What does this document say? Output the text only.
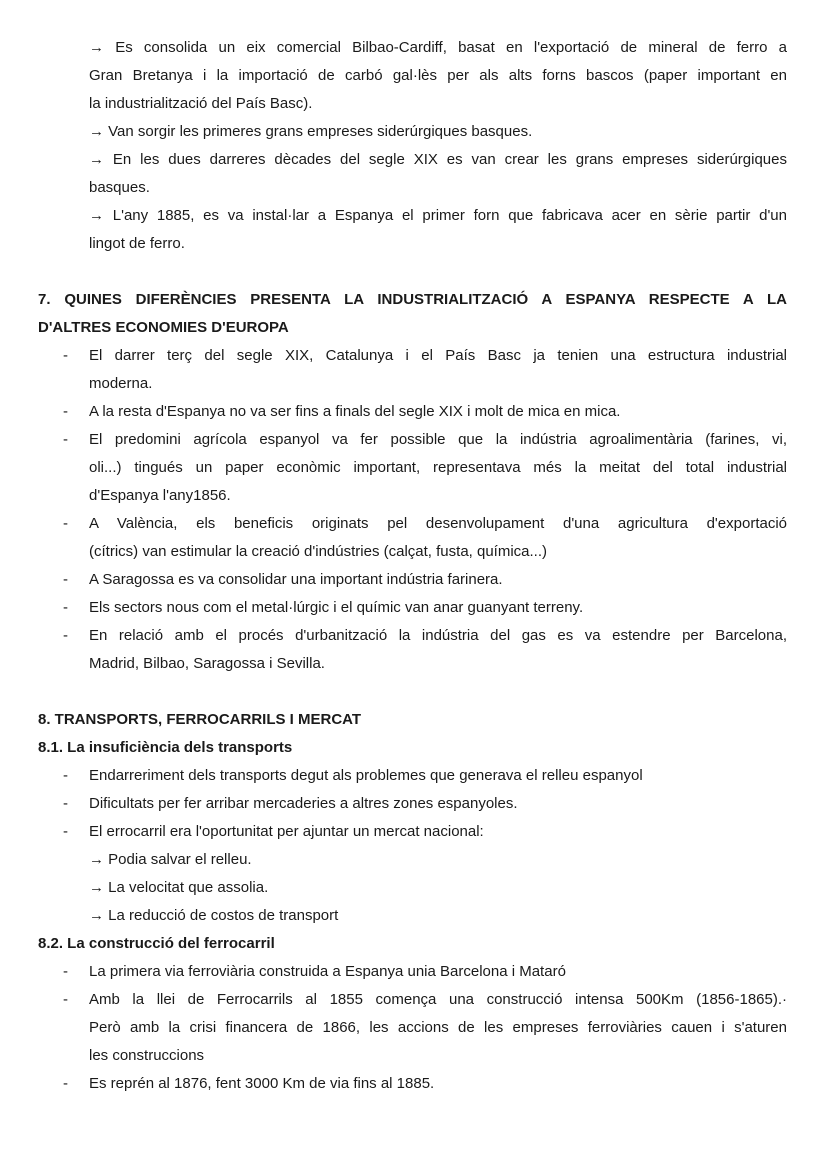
→ Es consolida un eix comercial Bilbao-Cardiff, basat en l'exportació de mineral de ferro a
Gran Bretanya i la importació de carbó gal·lès per als alts forns bascos (paper important en
la industrialització del País Basc).
→ Van sorgir les primeres grans empreses siderúrgiques basques.
→ En les dues darreres dècades del segle XIX es van crear les grans empreses siderúrgiques
basques.
→ L'any 1885, es va instal·lar a Espanya el primer forn que fabricava acer en sèrie partir d'un
lingot de ferro.
7. QUINES DIFERÈNCIES PRESENTA LA INDUSTRIALITZACIÓ A ESPANYA RESPECTE A LA
D'ALTRES ECONOMIES D'EUROPA
- El darrer terç del segle XIX, Catalunya i el País Basc ja tenien una estructura industrial
moderna.
- A la resta d'Espanya no va ser fins a finals del segle XIX i molt de mica en mica.
- El predomini agrícola espanyol va fer possible que la indústria agroalimentària (farines, vi,
oli...) tingués un paper econòmic important, representava més la meitat del total industrial
d'Espanya l'any1856.
- A València, els beneficis originats pel desenvolupament d'una agricultura d'exportació
(cítrics) van estimular la creació d'indústries (calçat, fusta, química...)
- A Saragossa es va consolidar una important indústria farinera.
- Els sectors nous com el metal·lúrgic i el químic van anar guanyant terreny.
- En relació amb el procés d'urbanització la indústria del gas es va estendre per Barcelona,
Madrid, Bilbao, Saragossa i Sevilla.
8. TRANSPORTS, FERROCARRILS I MERCAT
8.1. La insuficiència dels transports
- Endarreriment dels transports degut als problemes que generava el relleu espanyol
- Dificultats per fer arribar mercaderies a altres zones espanyoles.
- El errocarril era l'oportunitat per ajuntar un mercat nacional:
→ Podia salvar el relleu.
→ La velocitat que assolia.
→ La reducció de costos de transport
8.2. La construcció del ferrocarril
- La primera via ferroviària construida a Espanya unia Barcelona i Mataró
- Amb la llei de Ferrocarrils al 1855 comença una construcció intensa 500Km (1856-1865).·
Però amb la crisi financera de 1866, les accions de les empreses ferroviàries cauen i s'aturen
les construccions
- Es reprén al 1876, fent 3000 Km de via fins al 1885.
